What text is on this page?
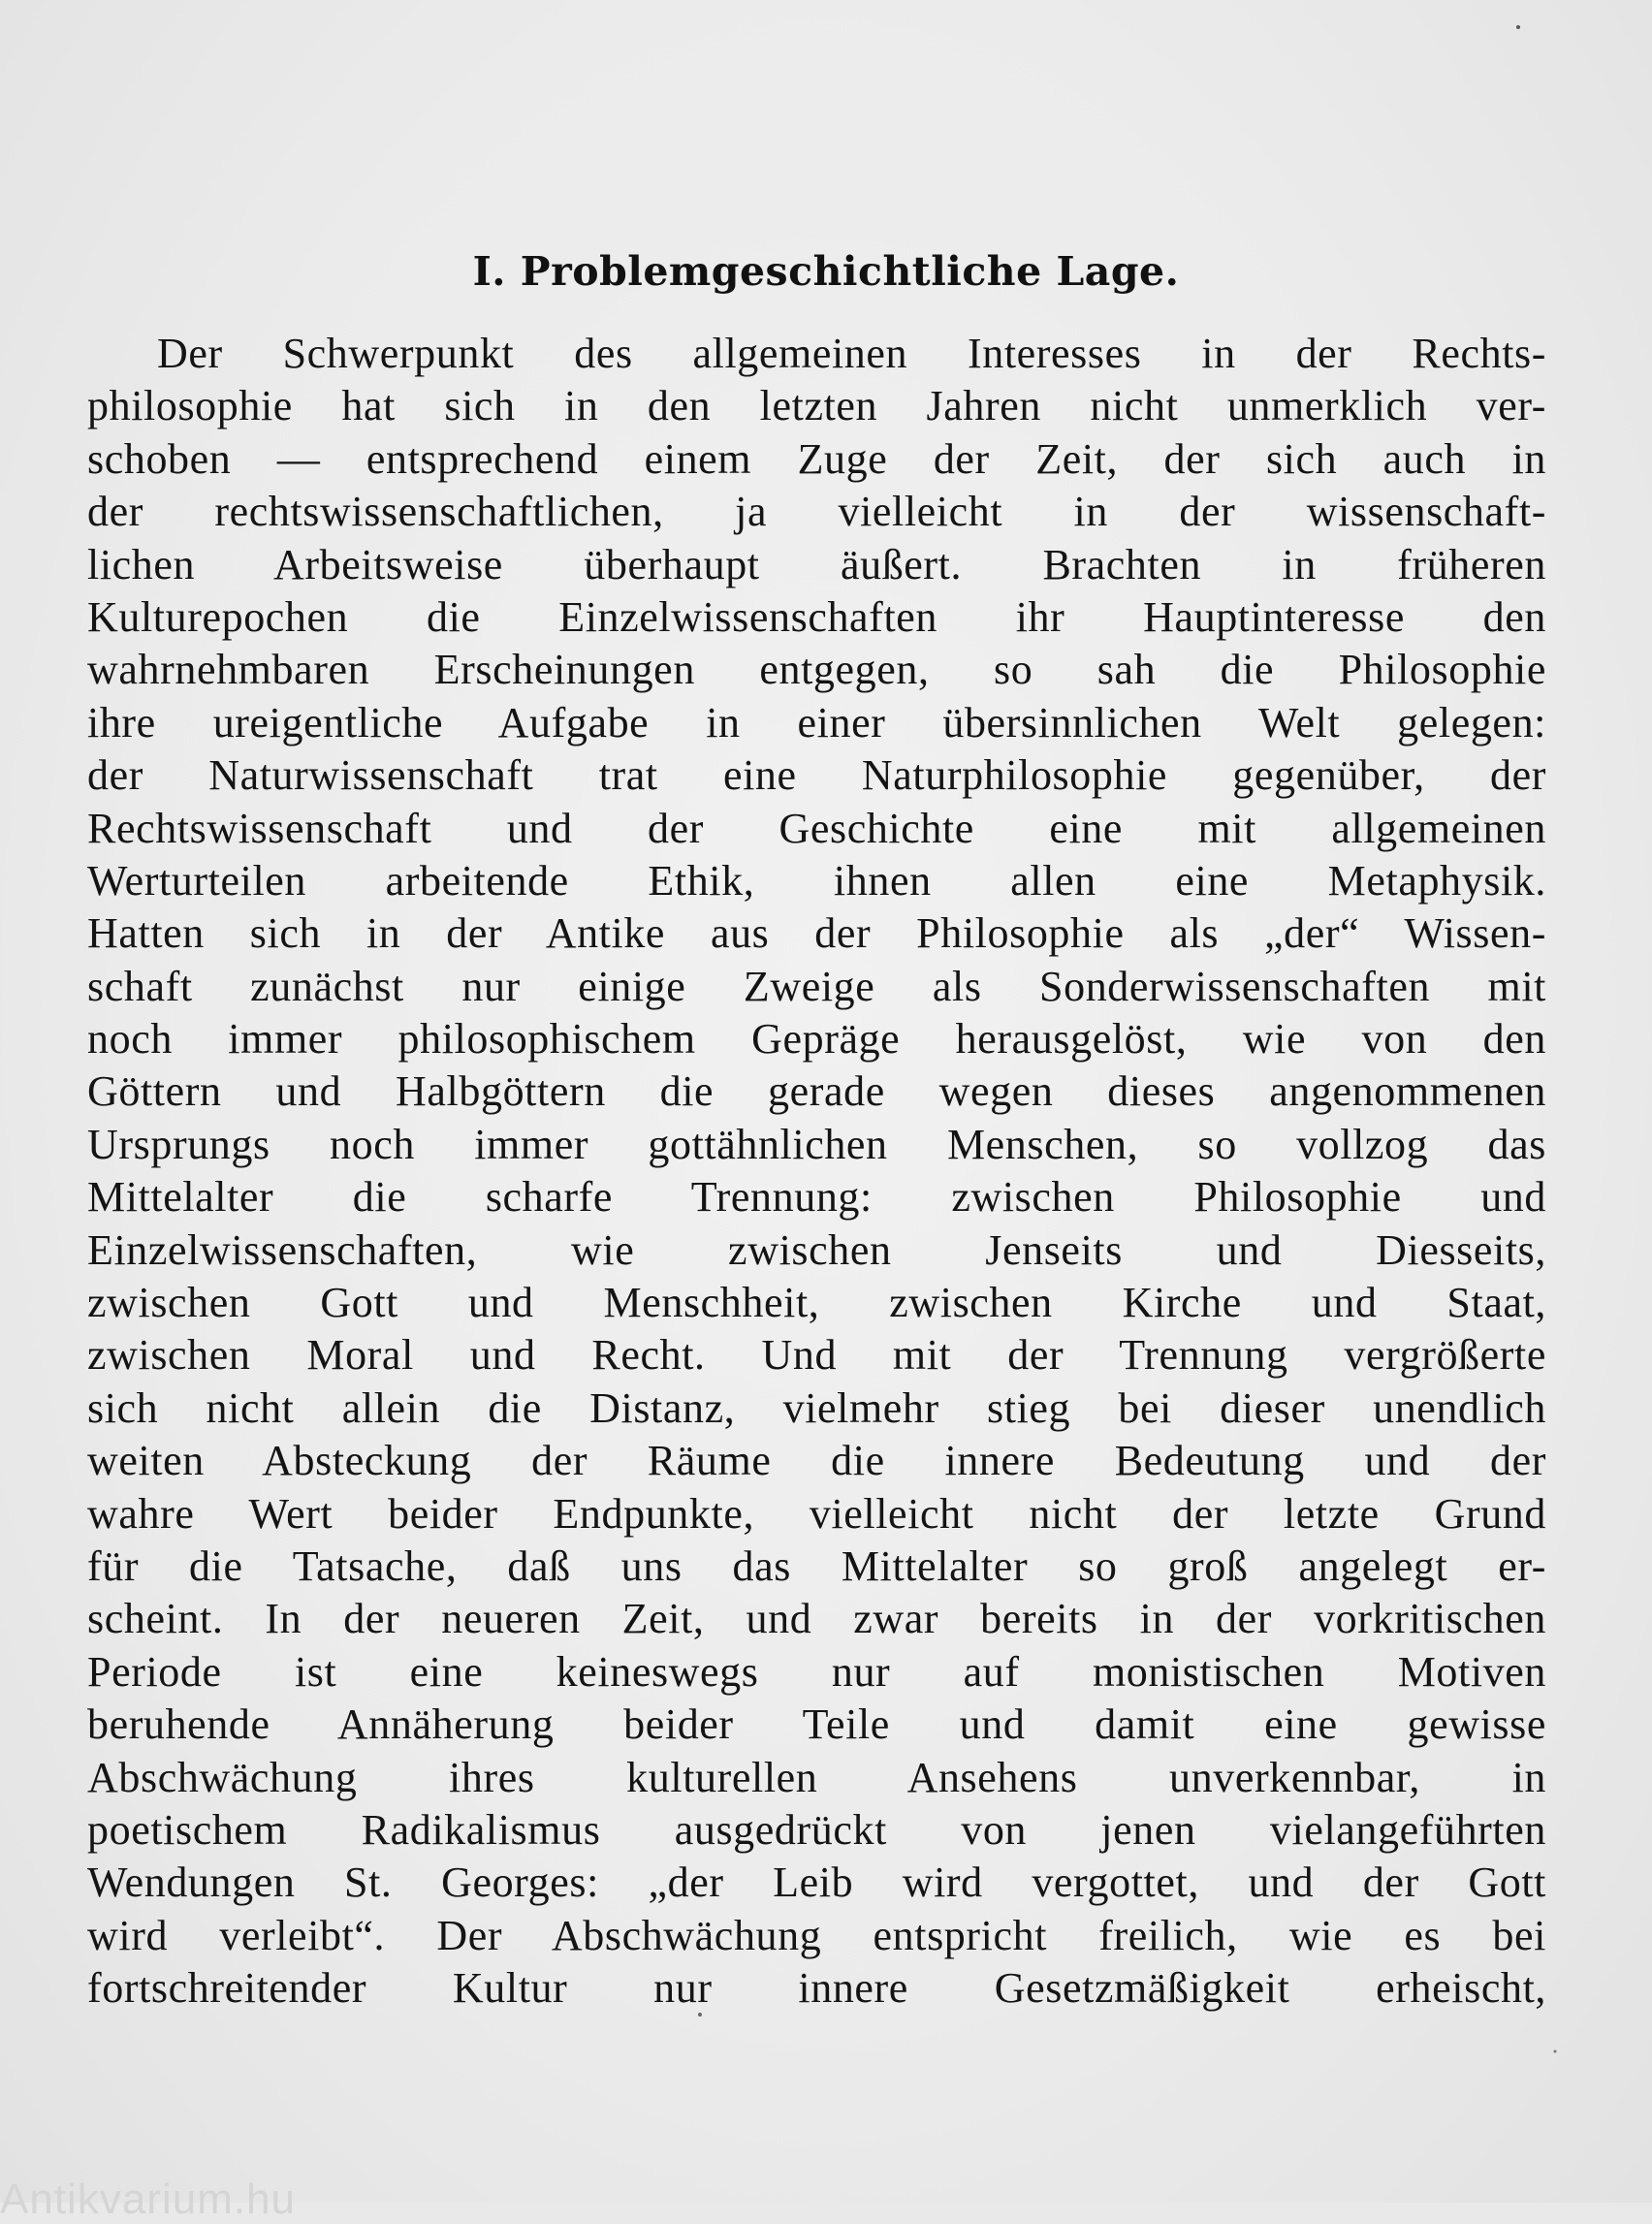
I. Problemgeschichtliche Lage.
Der Schwerpunkt des allgemeinen Interesses in der Rechts-
philosophie hat sich in den letzten Jahren nicht unmerklich ver-
schoben — entsprechend einem Zuge der Zeit, der sich auch in
der rechtswissenschaftlichen, ja vielleicht in der wissenschaft-
lichen Arbeitsweise überhaupt äußert. Brachten in früheren
Kulturepochen die Einzelwissenschaften ihr Hauptinteresse den
wahrnehmbaren Erscheinungen entgegen, so sah die Philosophie
ihre ureigentliche Aufgabe in einer übersinnlichen Welt gelegen:
der Naturwissenschaft trat eine Naturphilosophie gegenüber, der
Rechtswissenschaft und der Geschichte eine mit allgemeinen
Werturteilen arbeitende Ethik, ihnen allen eine Metaphysik.
Hatten sich in der Antike aus der Philosophie als „der“ Wissen-
schaft zunächst nur einige Zweige als Sonderwissenschaften mit
noch immer philosophischem Gepräge herausgelöst, wie von den
Göttern und Halbgöttern die gerade wegen dieses angenommenen
Ursprungs noch immer gottähnlichen Menschen, so vollzog das
Mittelalter die scharfe Trennung: zwischen Philosophie und
Einzelwissenschaften, wie zwischen Jenseits und Diesseits,
zwischen Gott und Menschheit, zwischen Kirche und Staat,
zwischen Moral und Recht. Und mit der Trennung vergrößerte
sich nicht allein die Distanz, vielmehr stieg bei dieser unendlich
weiten Absteckung der Räume die innere Bedeutung und der
wahre Wert beider Endpunkte, vielleicht nicht der letzte Grund
für die Tatsache, daß uns das Mittelalter so groß angelegt er-
scheint. In der neueren Zeit, und zwar bereits in der vorkritischen
Periode ist eine keineswegs nur auf monistischen Motiven
beruhende Annäherung beider Teile und damit eine gewisse
Abschwächung ihres kulturellen Ansehens unverkennbar, in
poetischem Radikalismus ausgedrückt von jenen vielangeführten
Wendungen St. Georges: „der Leib wird vergottet, und der Gott
wird verleibt“. Der Abschwächung entspricht freilich, wie es bei
fortschreitender Kultur nur innere Gesetzmäßigkeit erheischt,
Antikvarium.hu
